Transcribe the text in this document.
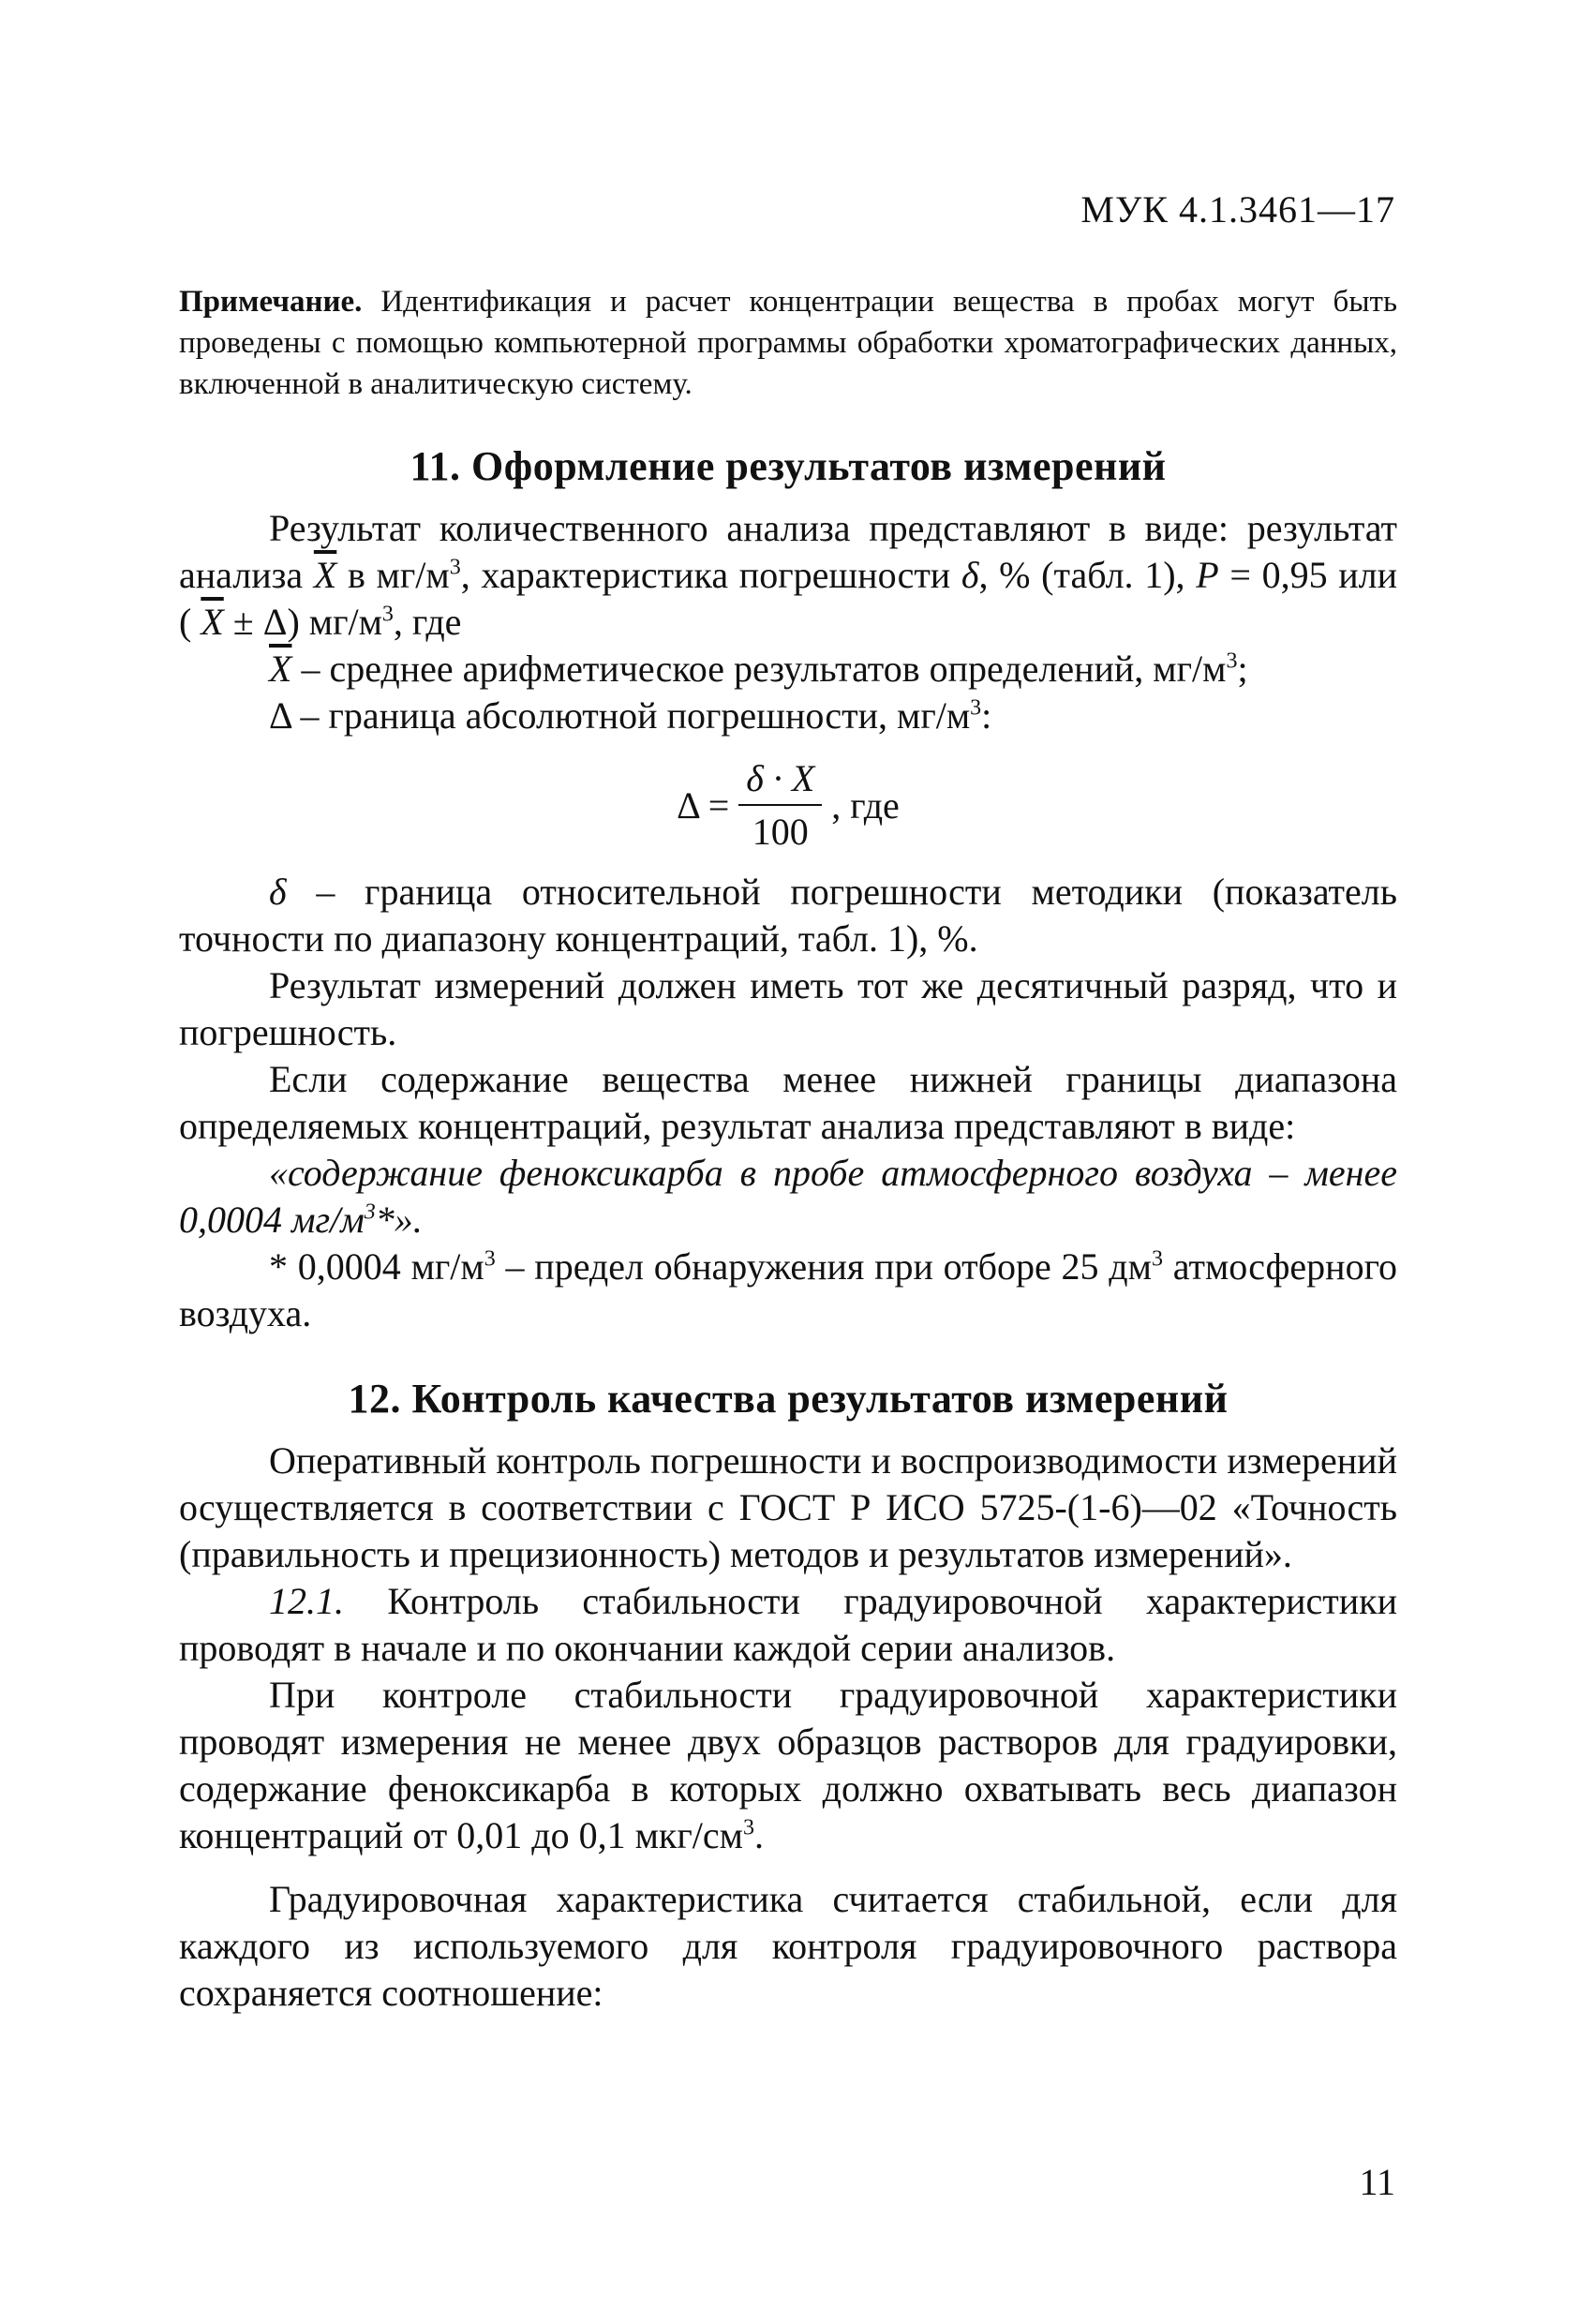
МУК 4.1.3461—17

Примечание. Идентификация и расчет концентрации вещества в пробах могут быть проведены с помощью компьютерной программы обработки хроматографических данных, включенной в аналитическую систему.

11. Оформление результатов измерений

Результат количественного анализа представляют в виде: результат анализа $\overline{X}$ в $мг/м^3$, характеристика погрешности δ, % (табл. 1), P = 0,95 или ( $\overline{X} \pm \Delta$) $мг/м^3$, где

$\overline{X}$ – среднее арифметическое результатов определений, $мг/м^3$;

Δ – граница абсолютной погрешности, $мг/м^3$:

$\Delta = \frac{\delta \cdot X}{100}$ , где

δ – граница относительной погрешности методики (показатель точности по диапазону концентраций, табл. 1), %.

Результат измерений должен иметь тот же десятичный разряд, что и погрешность.

Если содержание вещества менее нижней границы диапазона определяемых концентраций, результат анализа представляют в виде:

«содержание феноксикарба в пробе атмосферного воздуха – менее 0,0004 $мг/м^3*$».

* 0,0004 $мг/м^3$ – предел обнаружения при отборе 25 $дм^3$ атмосферного воздуха.

12. Контроль качества результатов измерений

Оперативный контроль погрешности и воспроизводимости измерений осуществляется в соответствии с ГОСТ Р ИСО 5725-(1-6)—02 «Точность (правильность и прецизионность) методов и результатов измерений».

12.1. Контроль стабильности градуировочной характеристики проводят в начале и по окончании каждой серии анализов.

При контроле стабильности градуировочной характеристики проводят измерения не менее двух образцов растворов для градуировки, содержание феноксикарба в которых должно охватывать весь диапазон концентраций от 0,01 до 0,1 мкг/$см^3$.

Градуировочная характеристика считается стабильной, если для каждого из используемого для контроля градуировочного раствора сохраняется соотношение:

11
